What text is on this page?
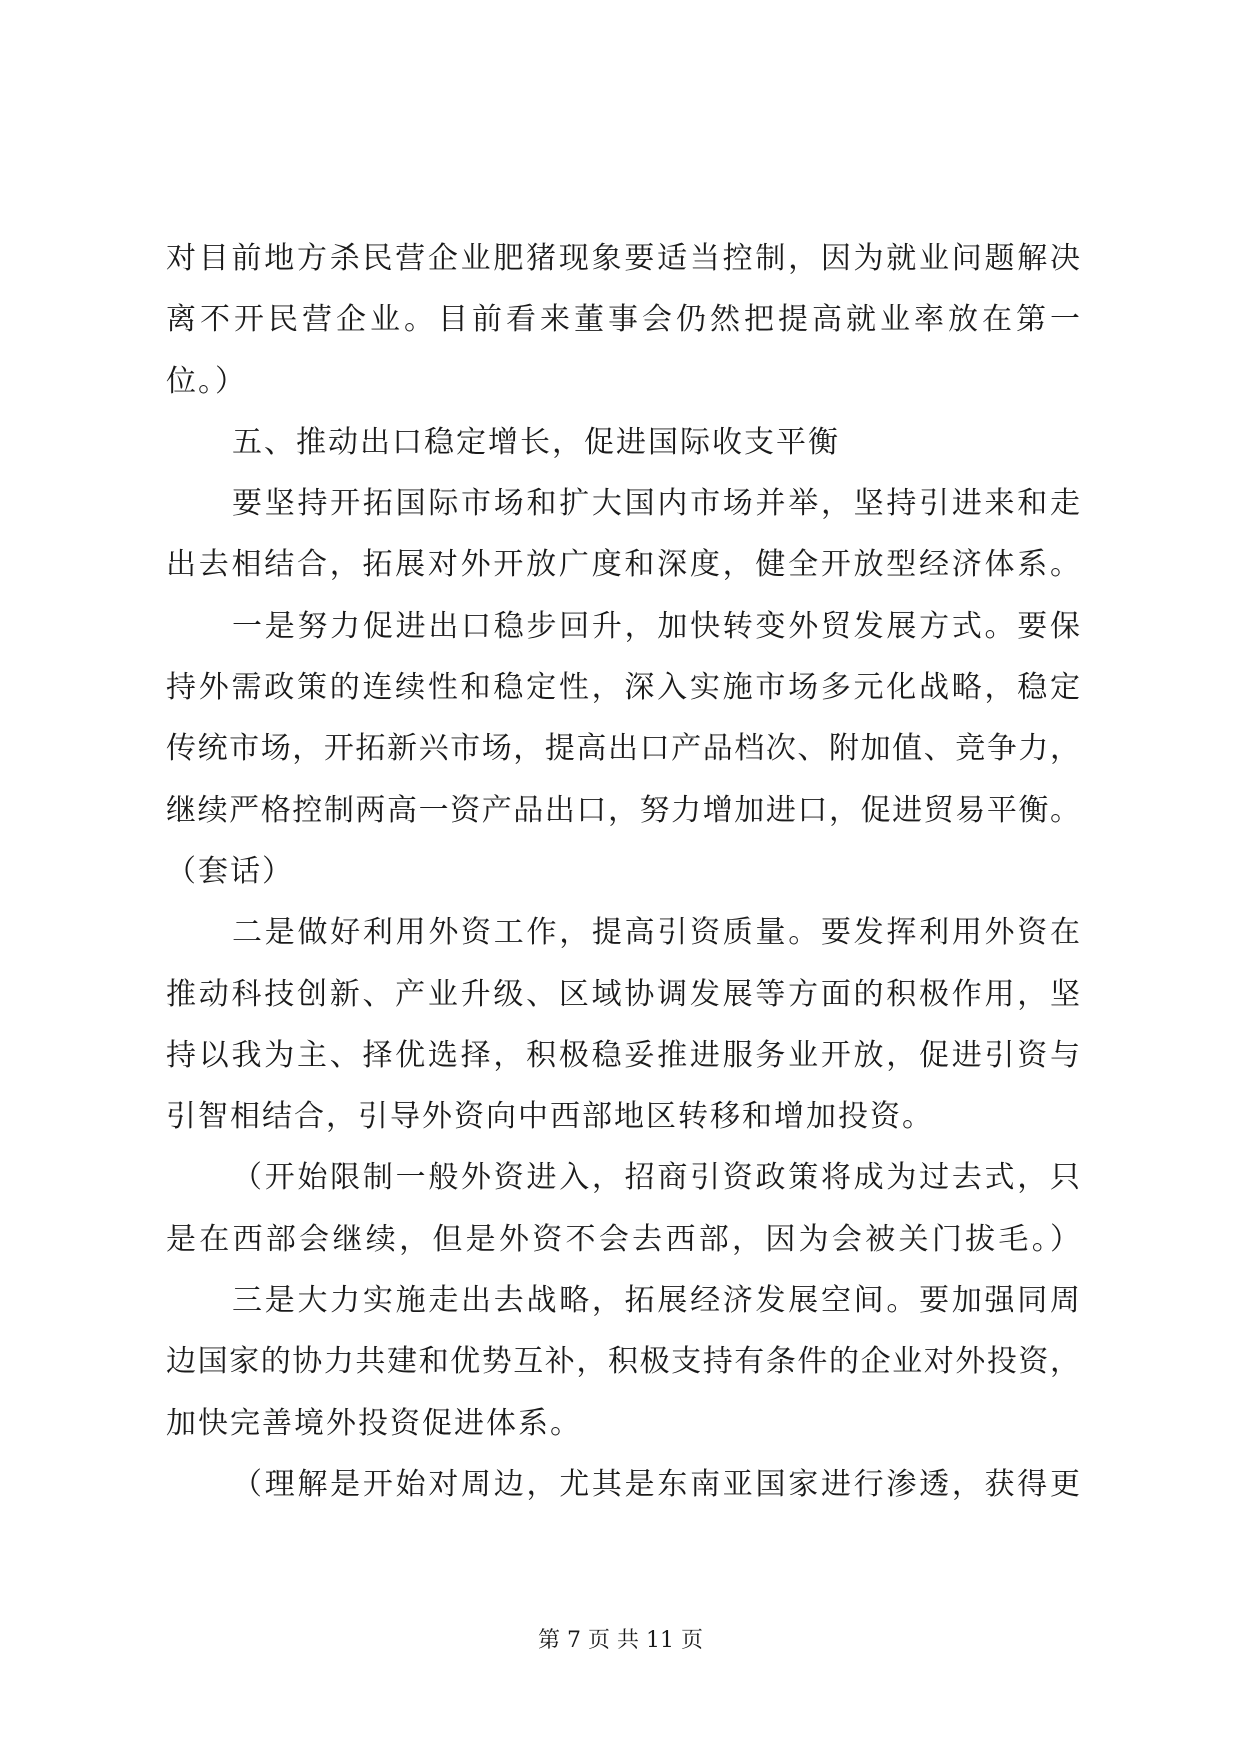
对目前地方杀民营企业肥猪现象要适当控制，因为就业问题解决
离不开民营企业。目前看来董事会仍然把提高就业率放在第一
位。）
五、推动出口稳定增长，促进国际收支平衡
要坚持开拓国际市场和扩大国内市场并举，坚持引进来和走
出去相结合，拓展对外开放广度和深度，健全开放型经济体系。
一是努力促进出口稳步回升，加快转变外贸发展方式。要保
持外需政策的连续性和稳定性，深入实施市场多元化战略，稳定
传统市场，开拓新兴市场，提高出口产品档次、附加值、竞争力，
继续严格控制两高一资产品出口，努力增加进口，促进贸易平衡。
（套话）
二是做好利用外资工作，提高引资质量。要发挥利用外资在
推动科技创新、产业升级、区域协调发展等方面的积极作用，坚
持以我为主、择优选择，积极稳妥推进服务业开放，促进引资与
引智相结合，引导外资向中西部地区转移和增加投资。
（开始限制一般外资进入，招商引资政策将成为过去式，只
是在西部会继续，但是外资不会去西部，因为会被关门拔毛。）
三是大力实施走出去战略，拓展经济发展空间。要加强同周
边国家的协力共建和优势互补，积极支持有条件的企业对外投资，
加快完善境外投资促进体系。
（理解是开始对周边，尤其是东南亚国家进行渗透，获得更
第 7 页 共 11 页
